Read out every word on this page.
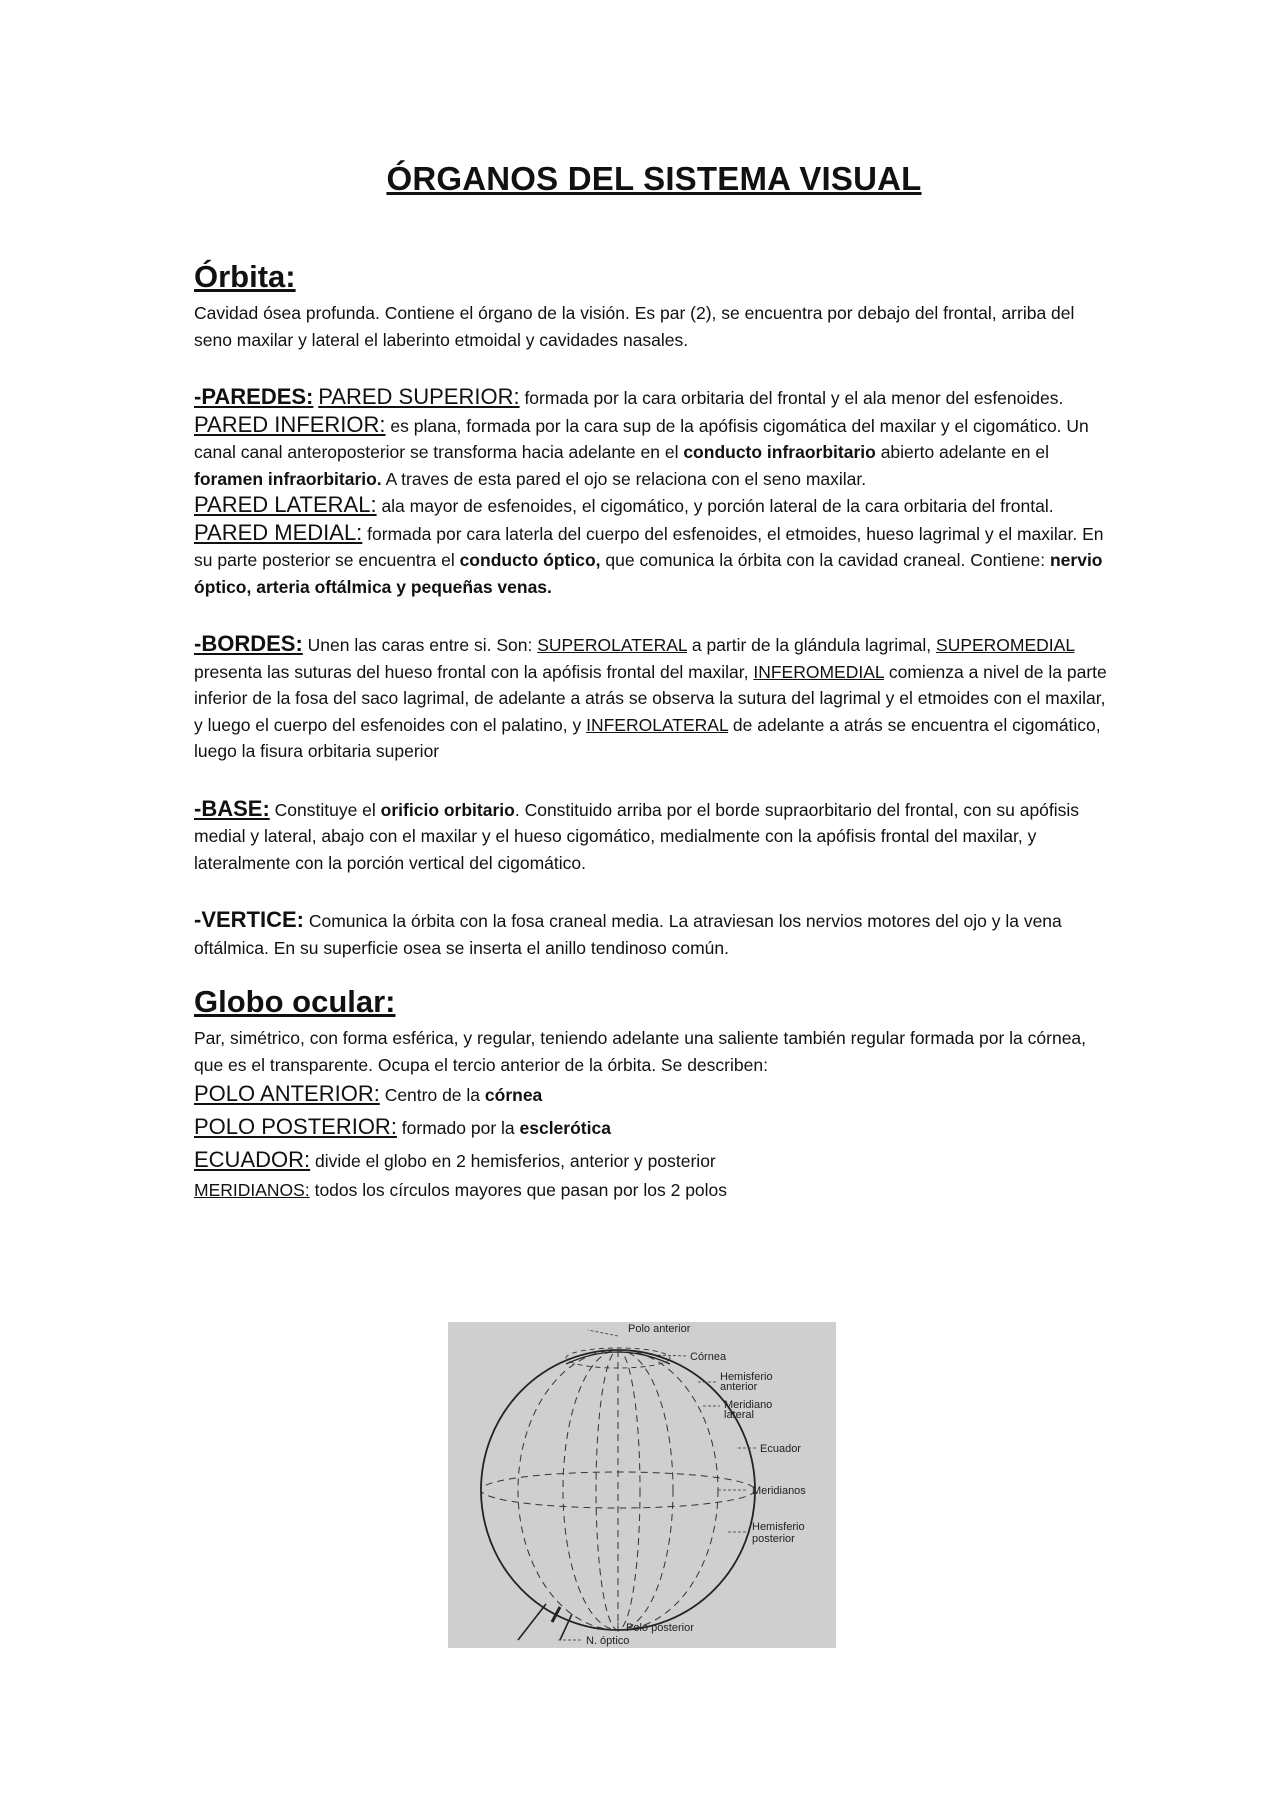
ÓRGANOS DEL SISTEMA VISUAL
Órbita:

Cavidad ósea profunda. Contiene el órgano de la visión. Es par (2), se encuentra por debajo del frontal, arriba del seno maxilar y lateral el laberinto etmoidal y cavidades nasales.

-PAREDES: PARED SUPERIOR: formada por la cara orbitaria del frontal y el ala menor del esfenoides.

PARED INFERIOR: es plana, formada por la cara sup de la apófisis cigomática del maxilar y el cigomático. Un canal canal anteroposterior se transforma hacia adelante en el conducto infraorbitario abierto adelante en el foramen infraorbitario. A traves de esta pared el ojo se relaciona con el seno maxilar.

PARED LATERAL: ala mayor de esfenoides, el cigomático, y porción lateral de la cara orbitaria del frontal.

PARED MEDIAL: formada por cara laterla del cuerpo del esfenoides, el etmoides, hueso lagrimal y el maxilar. En su parte posterior se encuentra el conducto óptico, que comunica la órbita con la cavidad craneal. Contiene: nervio óptico, arteria oftálmica y pequeñas venas.

-BORDES: Unen las caras entre si. Son: SUPEROLATERAL a partir de la glándula lagrimal, SUPEROMEDIAL presenta las suturas del hueso frontal con la apófisis frontal del maxilar, INFEROMEDIAL comienza a nivel de la parte inferior de la fosa del saco lagrimal, de adelante a atrás se observa la sutura del lagrimal y el etmoides con el maxilar, y luego el cuerpo del esfenoides con el palatino, y INFEROLATERAL de adelante a atrás se encuentra el cigomático, luego la fisura orbitaria superior

-BASE: Constituye el orificio orbitario. Constituido arriba por el borde supraorbitario del frontal, con su apófisis medial y lateral, abajo con el maxilar y el hueso cigomático, medialmente con la apófisis frontal del maxilar, y lateralmente con la porción vertical del cigomático.

-VERTICE: Comunica la órbita con la fosa craneal media. La atraviesan los nervios motores del ojo y la vena oftálmica. En su superficie osea se inserta el anillo tendinoso común.

Globo ocular:

Par, simétrico, con forma esférica, y regular, teniendo adelante una saliente también regular formada por la córnea, que es el transparente. Ocupa el tercio anterior de la órbita. Se describen:

POLO ANTERIOR: Centro de la córnea

POLO POSTERIOR: formado por la esclerótica

ECUADOR: divide el globo en 2 hemisferios, anterior y posterior

MERIDIANOS: todos los círculos mayores que pasan por los 2 polos

Polo anterior
Córnea
Hemisferio
anterior
Meridiano
lateral
Ecuador
Meridianos
Hemisferio
posterior
Polo posterior
N. óptico
